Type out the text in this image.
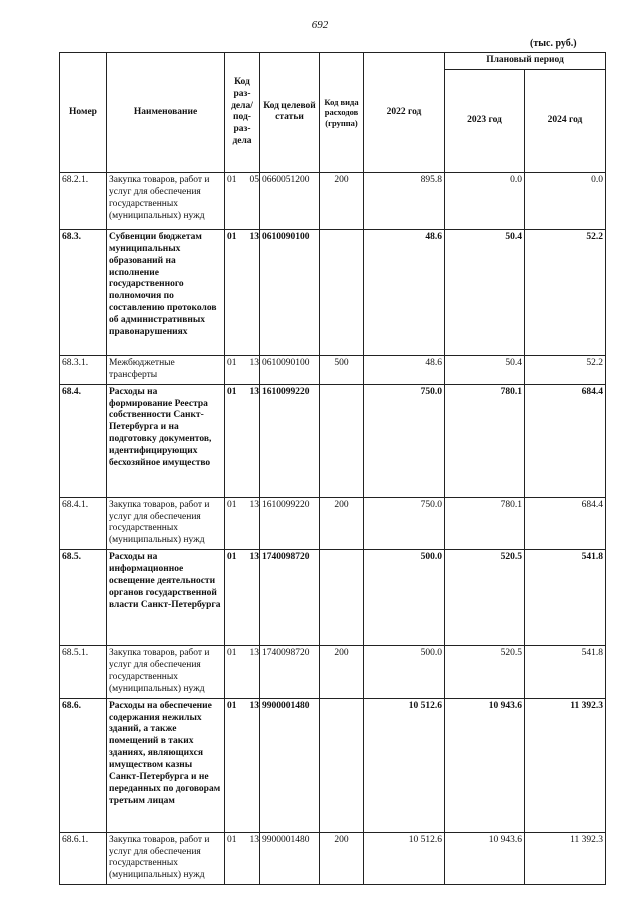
692
(тыс. руб.)
Номер	Наименование	Код раз-дела/ под-раз-дела	Код целевой статьи	Код вида расходов (группа)	2022 год	Плановый период	
						2023 год	2024 год
68.2.1.	Закупка товаров, работ и услуг для обеспечения государственных (муниципальных) нужд	01 05	0660051200	200	895.8	0.0	0.0
68.3.	Субвенции бюджетам муниципальных образований на исполнение государственного полномочия по составлению протоколов об административных правонарушениях	01 13	0610090100		48.6	50.4	52.2
68.3.1.	Межбюджетные трансферты	01 13	0610090100	500	48.6	50.4	52.2
68.4.	Расходы на формирование Реестра собственности Санкт-Петербурга и на подготовку документов, идентифицирующих бесхозяйное имущество	01 13	1610099220		750.0	780.1	684.4
68.4.1.	Закупка товаров, работ и услуг для обеспечения государственных (муниципальных) нужд	01 13	1610099220	200	750.0	780.1	684.4
68.5.	Расходы на информационное освещение деятельности органов государственной власти Санкт-Петербурга	01 13	1740098720		500.0	520.5	541.8
68.5.1.	Закупка товаров, работ и услуг для обеспечения государственных (муниципальных) нужд	01 13	1740098720	200	500.0	520.5	541.8
68.6.	Расходы на обеспечение содержания нежилых зданий, а также помещений в таких зданиях, являющихся имуществом казны Санкт-Петербурга и не переданных по договорам третьим лицам	01 13	9900001480		10 512.6	10 943.6	11 392.3
68.6.1.	Закупка товаров, работ и услуг для обеспечения государственных (муниципальных) нужд	01 13	9900001480	200	10 512.6	10 943.6	11 392.3
